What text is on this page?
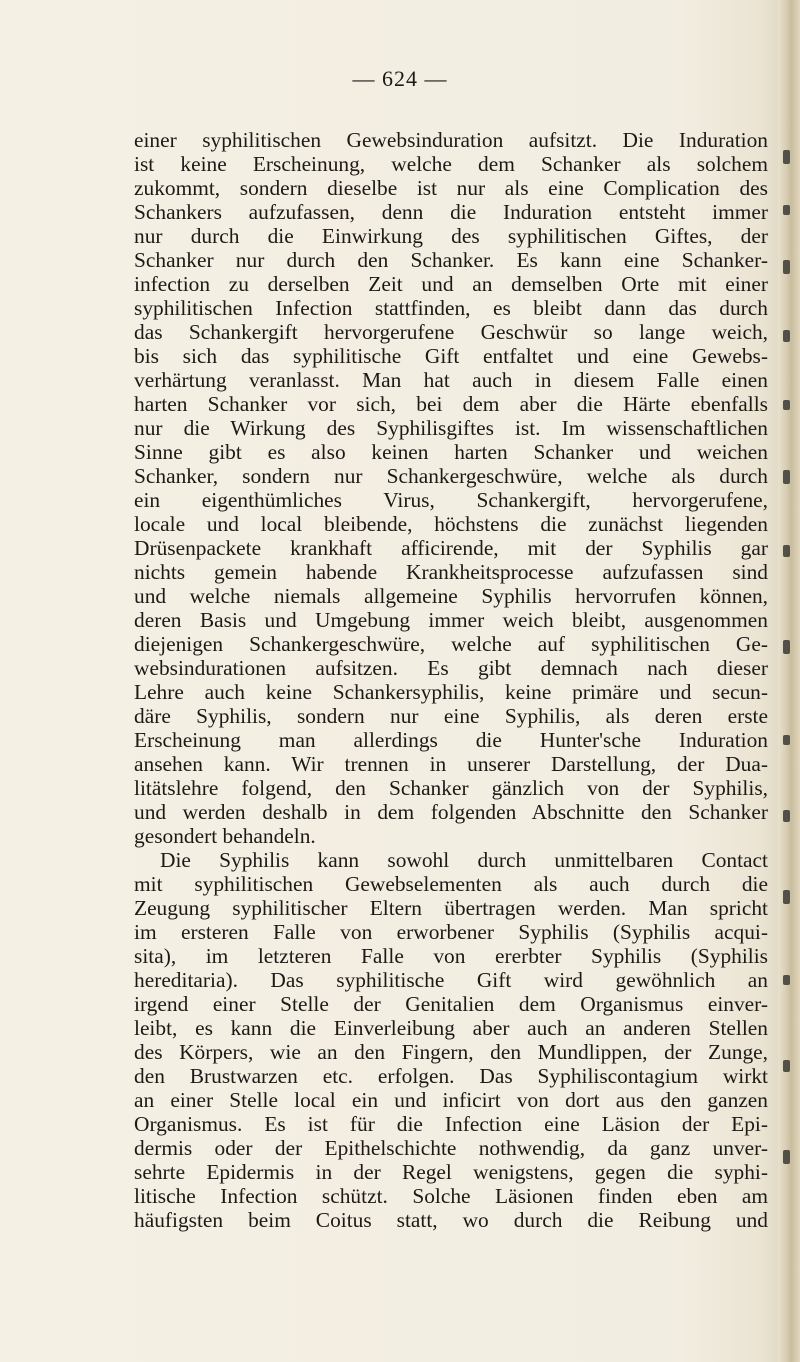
— 624 —
einer syphilitischen Gewebsinduration aufsitzt. Die Induration
ist keine Erscheinung, welche dem Schanker als solchem
zukommt, sondern dieselbe ist nur als eine Complication des
Schankers aufzufassen, denn die Induration entsteht immer
nur durch die Einwirkung des syphilitischen Giftes, der
Schanker nur durch den Schanker. Es kann eine Schanker-
infection zu derselben Zeit und an demselben Orte mit einer
syphilitischen Infection stattfinden, es bleibt dann das durch
das Schankergift hervorgerufene Geschwür so lange weich,
bis sich das syphilitische Gift entfaltet und eine Gewebs-
verhärtung veranlasst. Man hat auch in diesem Falle einen
harten Schanker vor sich, bei dem aber die Härte ebenfalls
nur die Wirkung des Syphilisgiftes ist. Im wissenschaftlichen
Sinne gibt es also keinen harten Schanker und weichen
Schanker, sondern nur Schankergeschwüre, welche als durch
ein eigenthümliches Virus, Schankergift, hervorgerufene,
locale und local bleibende, höchstens die zunächst liegenden
Drüsenpackete krankhaft afficirende, mit der Syphilis gar
nichts gemein habende Krankheitsprocesse aufzufassen sind
und welche niemals allgemeine Syphilis hervorrufen können,
deren Basis und Umgebung immer weich bleibt, ausgenommen
diejenigen Schankergeschwüre, welche auf syphilitischen Ge-
websindurationen aufsitzen. Es gibt demnach nach dieser
Lehre auch keine Schankersyphilis, keine primäre und secun-
däre Syphilis, sondern nur eine Syphilis, als deren erste
Erscheinung man allerdings die Hunter'sche Induration
ansehen kann. Wir trennen in unserer Darstellung, der Dua-
litätslehre folgend, den Schanker gänzlich von der Syphilis,
und werden deshalb in dem folgenden Abschnitte den Schanker
gesondert behandeln.
Die Syphilis kann sowohl durch unmittelbaren Contact
mit syphilitischen Gewebselementen als auch durch die
Zeugung syphilitischer Eltern übertragen werden. Man spricht
im ersteren Falle von erworbener Syphilis (Syphilis acqui-
sita), im letzteren Falle von ererbter Syphilis (Syphilis
hereditaria). Das syphilitische Gift wird gewöhnlich an
irgend einer Stelle der Genitalien dem Organismus einver-
leibt, es kann die Einverleibung aber auch an anderen Stellen
des Körpers, wie an den Fingern, den Mundlippen, der Zunge,
den Brustwarzen etc. erfolgen. Das Syphiliscontagium wirkt
an einer Stelle local ein und inficirt von dort aus den ganzen
Organismus. Es ist für die Infection eine Läsion der Epi-
dermis oder der Epithelschichte nothwendig, da ganz unver-
sehrte Epidermis in der Regel wenigstens, gegen die syphi-
litische Infection schützt. Solche Läsionen finden eben am
häufigsten beim Coitus statt, wo durch die Reibung und
